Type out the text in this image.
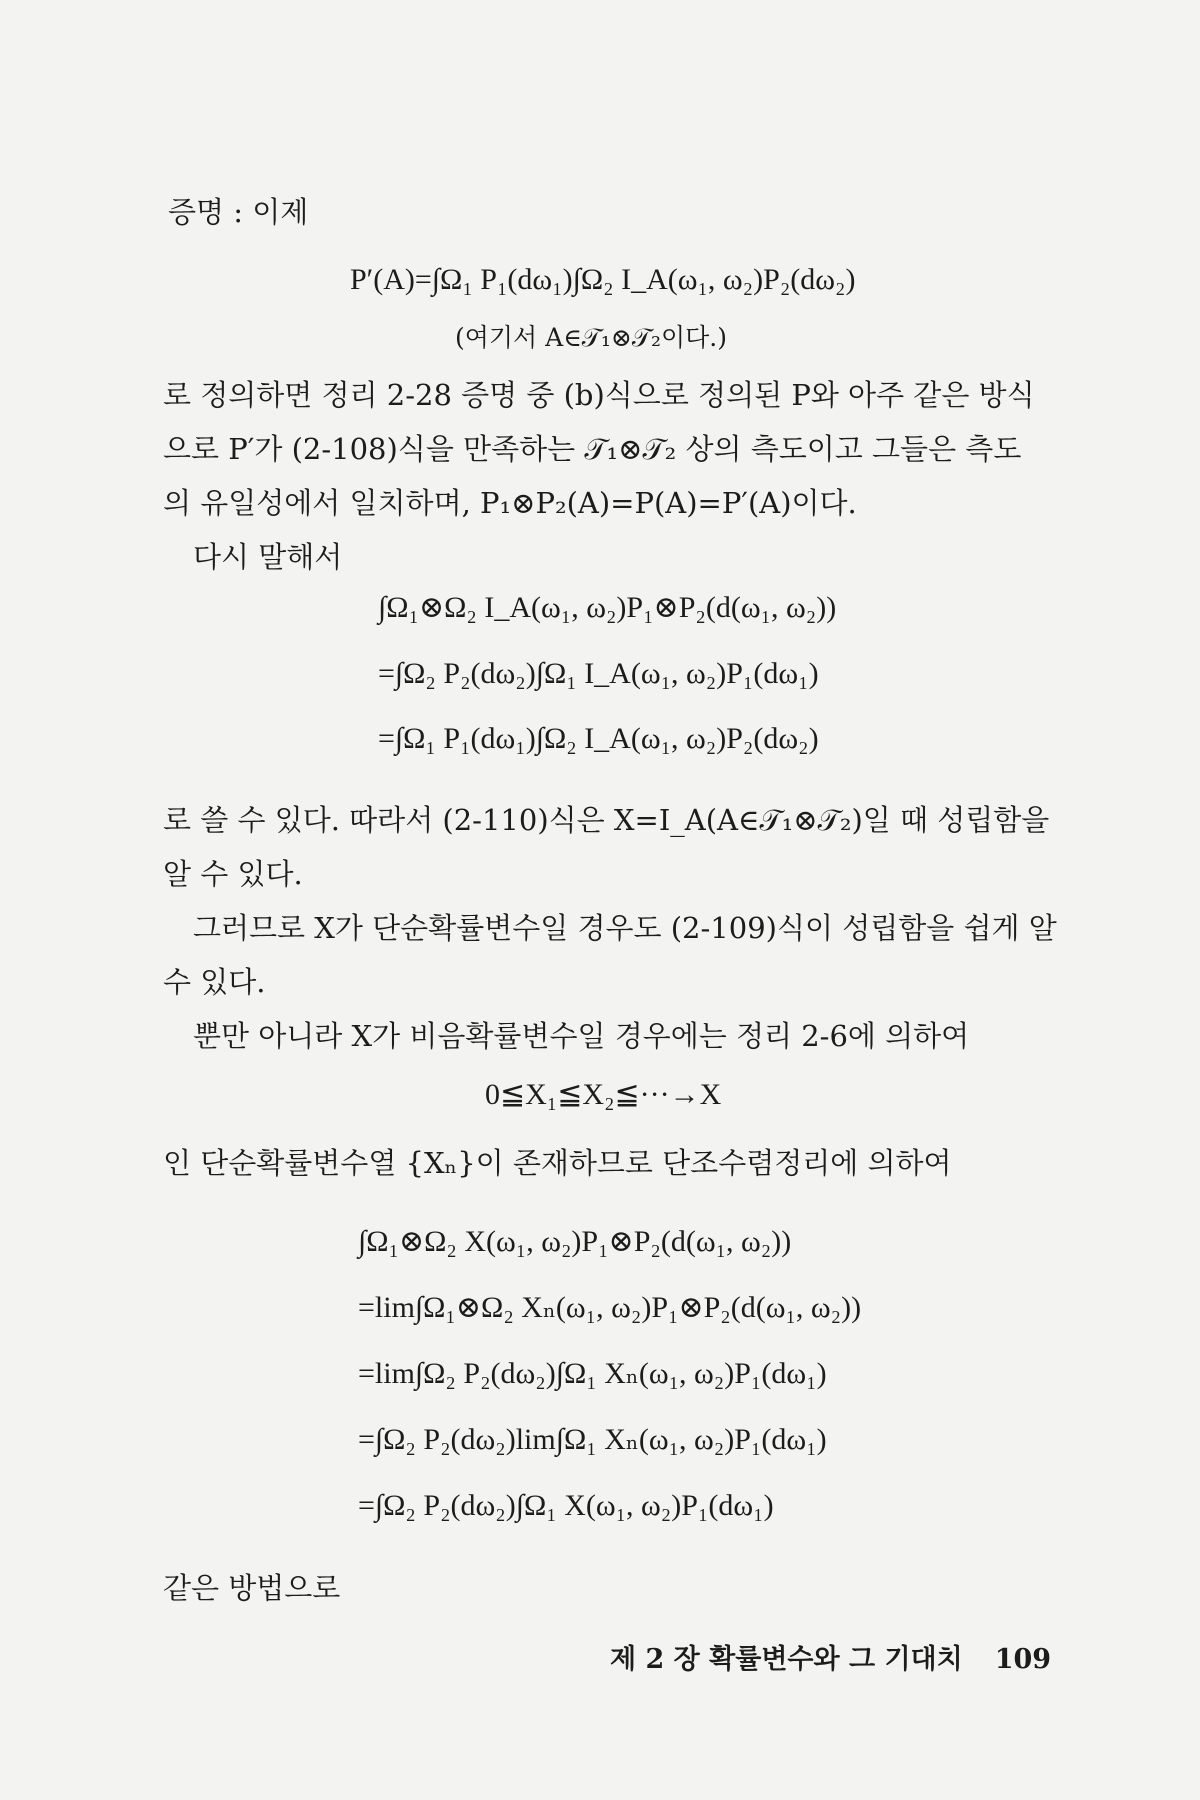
증명 : 이제
P′(A)=∫Ω₁ P₁(dω₁)∫Ω₂ I_A(ω₁, ω₂)P₂(dω₂)
(여기서 A∈𝒯₁⊗𝒯₂이다.)
로 정의하면 정리 2-28 증명 중 (b)식으로 정의된 P와 아주 같은 방식
으로 P′가 (2-108)식을 만족하는 𝒯₁⊗𝒯₂ 상의 측도이고 그들은 측도
의 유일성에서 일치하며, P₁⊗P₂(A)=P(A)=P′(A)이다.
다시 말해서
∫Ω₁⊗Ω₂ I_A(ω₁, ω₂)P₁⊗P₂(d(ω₁, ω₂))
=∫Ω₂ P₂(dω₂)∫Ω₁ I_A(ω₁, ω₂)P₁(dω₁)
=∫Ω₁ P₁(dω₁)∫Ω₂ I_A(ω₁, ω₂)P₂(dω₂)
로 쓸 수 있다. 따라서 (2-110)식은 X=I_A(A∈𝒯₁⊗𝒯₂)일 때 성립함을
알 수 있다.
그러므로 X가 단순확률변수일 경우도 (2-109)식이 성립함을 쉽게 알
수 있다.
뿐만 아니라 X가 비음확률변수일 경우에는 정리 2-6에 의하여
0≦X₁≦X₂≦···→X
인 단순확률변수열 {Xₙ}이 존재하므로 단조수렴정리에 의하여
∫Ω₁⊗Ω₂ X(ω₁, ω₂)P₁⊗P₂(d(ω₁, ω₂))
=lim∫Ω₁⊗Ω₂ Xₙ(ω₁, ω₂)P₁⊗P₂(d(ω₁, ω₂))
=lim∫Ω₂ P₂(dω₂)∫Ω₁ Xₙ(ω₁, ω₂)P₁(dω₁)
=∫Ω₂ P₂(dω₂)lim∫Ω₁ Xₙ(ω₁, ω₂)P₁(dω₁)
=∫Ω₂ P₂(dω₂)∫Ω₁ X(ω₁, ω₂)P₁(dω₁)
같은 방법으로
제 2 장 확률변수와 그 기대치 109
